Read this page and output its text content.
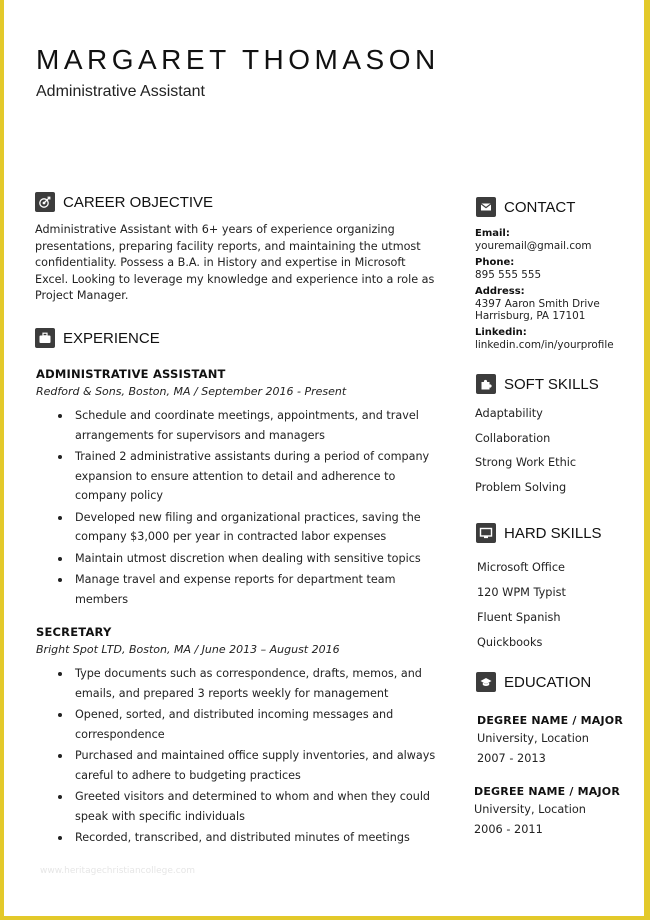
MARGARET THOMASON
Administrative Assistant
CAREER OBJECTIVE
Administrative Assistant with 6+ years of experience organizing presentations, preparing facility reports, and maintaining the utmost confidentiality. Possess a B.A. in History and expertise in Microsoft Excel. Looking to leverage my knowledge and experience into a role as Project Manager.
EXPERIENCE
ADMINISTRATIVE ASSISTANT
Redford & Sons, Boston, MA / September 2016 - Present
Schedule and coordinate meetings, appointments, and travel arrangements for supervisors and managers
Trained 2 administrative assistants during a period of company expansion to ensure attention to detail and adherence to company policy
Developed new filing and organizational practices, saving the company $3,000 per year in contracted labor expenses
Maintain utmost discretion when dealing with sensitive topics
Manage travel and expense reports for department team members
SECRETARY
Bright Spot LTD, Boston, MA / June 2013 – August 2016
Type documents such as correspondence, drafts, memos, and emails, and prepared 3 reports weekly for management
Opened, sorted, and distributed incoming messages and correspondence
Purchased and maintained office supply inventories, and always careful to adhere to budgeting practices
Greeted visitors and determined to whom and when they could speak with specific individuals
Recorded, transcribed, and distributed minutes of meetings
CONTACT
Email:
youremail@gmail.com
Phone:
895 555 555
Address:
4397 Aaron Smith Drive
Harrisburg, PA 17101
Linkedin:
linkedin.com/in/yourprofile
SOFT SKILLS
Adaptability
Collaboration
Strong Work Ethic
Problem Solving
HARD SKILLS
Microsoft Office
120 WPM Typist
Fluent Spanish
Quickbooks
EDUCATION
DEGREE NAME / MAJOR
University, Location
2007 - 2013
DEGREE NAME / MAJOR
University, Location
2006 - 2011
www.heritagechristiancollege.com
